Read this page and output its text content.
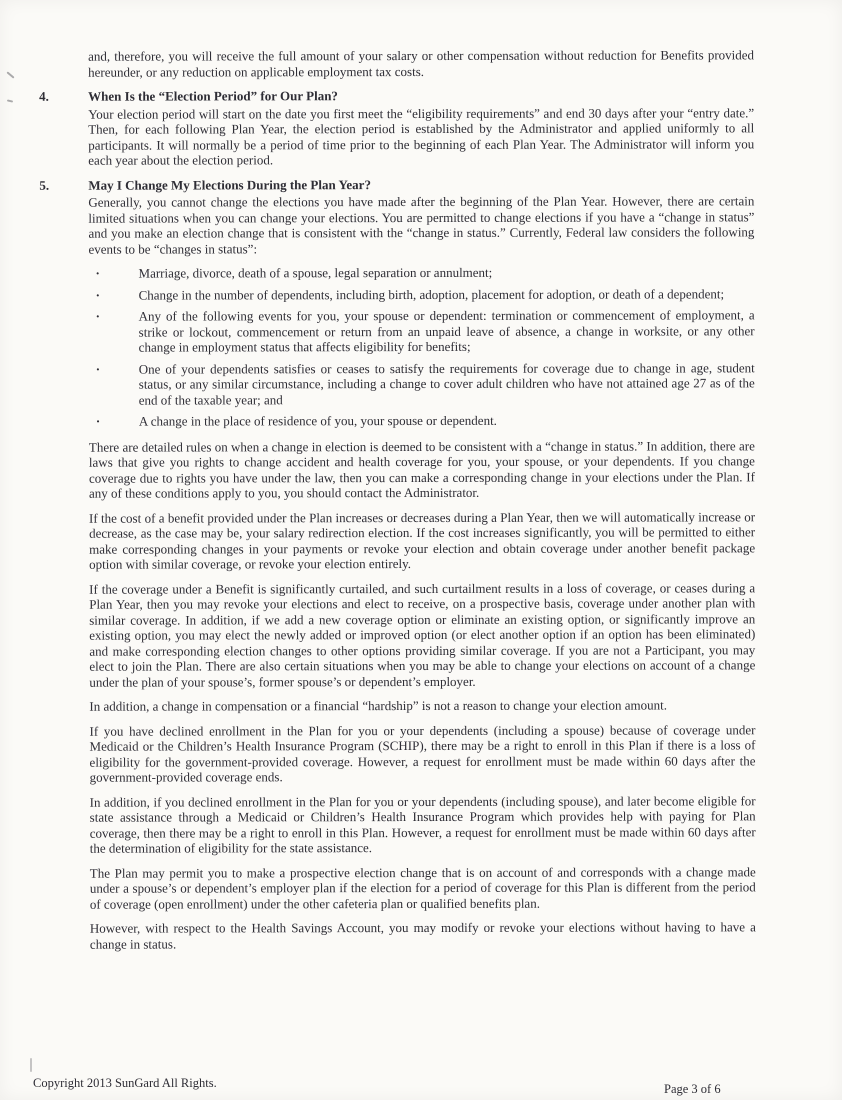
and, therefore, you will receive the full amount of your salary or other compensation without reduction for Benefits provided hereunder, or any reduction on applicable employment tax costs.

4.	When Is the “Election Period” for Our Plan?

Your election period will start on the date you first meet the “eligibility requirements” and end 30 days after your “entry date.” Then, for each following Plan Year, the election period is established by the Administrator and applied uniformly to all participants. It will normally be a period of time prior to the beginning of each Plan Year. The Administrator will inform you each year about the election period.

5.	May I Change My Elections During the Plan Year?

Generally, you cannot change the elections you have made after the beginning of the Plan Year. However, there are certain limited situations when you can change your elections. You are permitted to change elections if you have a “change in status” and you make an election change that is consistent with the “change in status.” Currently, Federal law considers the following events to be “changes in status”:

·	Marriage, divorce, death of a spouse, legal separation or annulment;
·	Change in the number of dependents, including birth, adoption, placement for adoption, or death of a dependent;
·	Any of the following events for you, your spouse or dependent: termination or commencement of employment, a strike or lockout, commencement or return from an unpaid leave of absence, a change in worksite, or any other change in employment status that affects eligibility for benefits;
·	One of your dependents satisfies or ceases to satisfy the requirements for coverage due to change in age, student status, or any similar circumstance, including a change to cover adult children who have not attained age 27 as of the end of the taxable year; and
·	A change in the place of residence of you, your spouse or dependent.

There are detailed rules on when a change in election is deemed to be consistent with a “change in status.” In addition, there are laws that give you rights to change accident and health coverage for you, your spouse, or your dependents. If you change coverage due to rights you have under the law, then you can make a corresponding change in your elections under the Plan. If any of these conditions apply to you, you should contact the Administrator.

If the cost of a benefit provided under the Plan increases or decreases during a Plan Year, then we will automatically increase or decrease, as the case may be, your salary redirection election. If the cost increases significantly, you will be permitted to either make corresponding changes in your payments or revoke your election and obtain coverage under another benefit package option with similar coverage, or revoke your election entirely.

If the coverage under a Benefit is significantly curtailed, and such curtailment results in a loss of coverage, or ceases during a Plan Year, then you may revoke your elections and elect to receive, on a prospective basis, coverage under another plan with similar coverage. In addition, if we add a new coverage option or eliminate an existing option, or significantly improve an existing option, you may elect the newly added or improved option (or elect another option if an option has been eliminated) and make corresponding election changes to other options providing similar coverage. If you are not a Participant, you may elect to join the Plan. There are also certain situations when you may be able to change your elections on account of a change under the plan of your spouse’s, former spouse’s or dependent’s employer.

In addition, a change in compensation or a financial “hardship” is not a reason to change your election amount.

If you have declined enrollment in the Plan for you or your dependents (including a spouse) because of coverage under Medicaid or the Children’s Health Insurance Program (SCHIP), there may be a right to enroll in this Plan if there is a loss of eligibility for the government-provided coverage. However, a request for enrollment must be made within 60 days after the government-provided coverage ends.

In addition, if you declined enrollment in the Plan for you or your dependents (including spouse), and later become eligible for state assistance through a Medicaid or Children’s Health Insurance Program which provides help with paying for Plan coverage, then there may be a right to enroll in this Plan. However, a request for enrollment must be made within 60 days after the determination of eligibility for the state assistance.

The Plan may permit you to make a prospective election change that is on account of and corresponds with a change made under a spouse’s or dependent’s employer plan if the election for a period of coverage for this Plan is different from the period of coverage (open enrollment) under the other cafeteria plan or qualified benefits plan.

However, with respect to the Health Savings Account, you may modify or revoke your elections without having to have a change in status.

Copyright 2013 SunGard All Rights.	Page 3 of 6
